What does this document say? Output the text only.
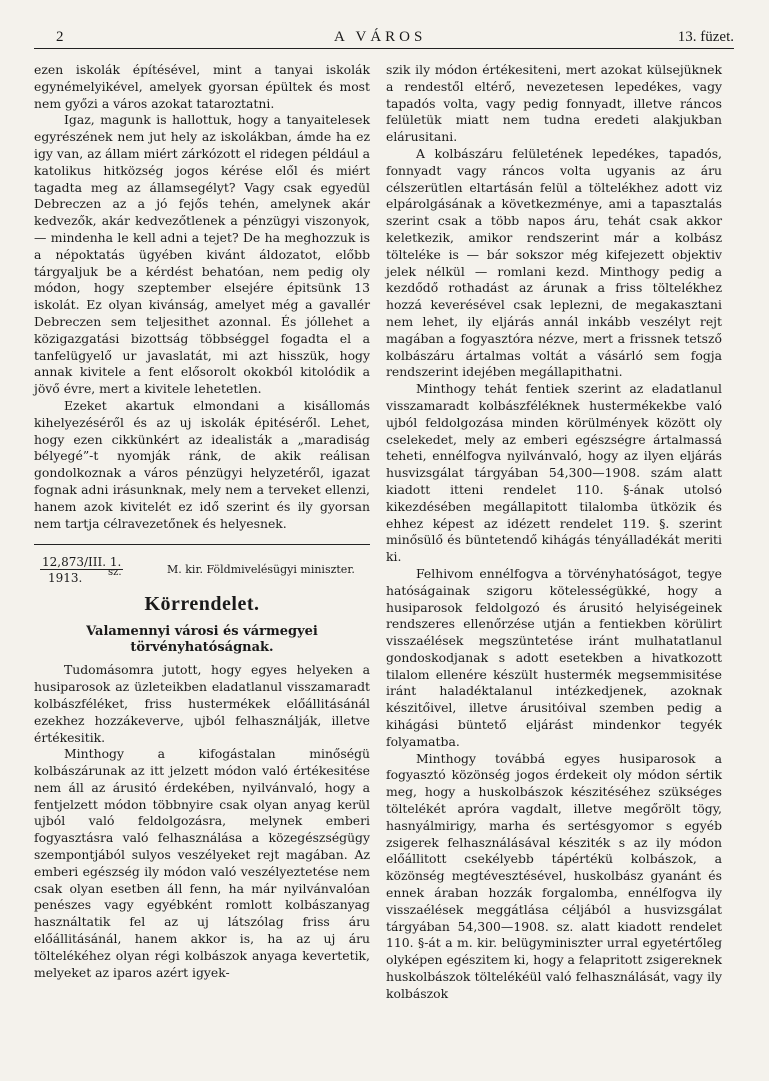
2	A VÁROS	13. füzet.

ezen iskolák építésével, mint a tanyai iskolák egynémelyikével, amelyek gyorsan épültek és most nem győzi a város azokat tataroztatni.

Igaz, magunk is hallottuk, hogy a tanyaitelesek egyrészének nem jut hely az iskolákban, ámde ha ez igy van, az állam miért zárkózott el ridegen például a katolikus hitközség jogos kérése elől és miért tagadta meg az államsegélyt? Vagy csak egyedül Debreczen az a jó fejős tehén, amelynek akár kedvezők, akár kedvezőtlenek a pénzügyi viszonyok, — mindenha le kell adni a tejet? De ha meghozzuk is a népoktatás ügyében kivánt áldozatot, előbb tárgyaljuk be a kérdést behatóan, nem pedig oly módon, hogy szeptember elsejére épitsünk 13 iskolát. Ez olyan kivánság, amelyet még a gavallér Debreczen sem teljesithet azonnal. És jóllehet a közigazgatási bizottság többséggel fogadta el a tanfelügyelő ur javaslatát, mi azt hisszük, hogy annak kivitele a fent elősorolt okokból kitolódik a jövő évre, mert a kivitele lehetetlen.

Ezeket akartuk elmondani a kisállomás kihelyezéséről és az uj iskolák épitéséről. Lehet, hogy ezen cikkünkért az idealisták a „maradiság bélyegé”-t nyomják ránk, de akik reálisan gondolkoznak a város pénzügyi helyzetéről, igazat fognak adni irásunknak, mely nem a terveket ellenzi, hanem azok kivitelét ez idő szerint és ily gyorsan nem tartja célravezetőnek és helyesnek.

12,873/III. 1.
1913.	sz.	M. kir. Földmivelésügyi miniszter.
Körrendelet.
Valamennyi városi és vármegyei törvényhatóságnak.

Tudomásomra jutott, hogy egyes helyeken a husiparosok az üzleteikben eladatlanul visszamaradt kolbászféléket, friss hustermékek előállitásánál ezekhez hozzákeverve, ujból felhasználják, illetve értékesitik.

Minthogy a kifogástalan minőségü kolbászárunak az itt jelzett módon való értékesitése nem áll az árusitó érdekében, nyilvánvaló, hogy a fentjelzett módon többnyire csak olyan anyag kerül ujból való feldolgozásra, melynek emberi fogyasztásra való felhasználása a közegészségügy szempontjából sulyos veszélyeket rejt magában. Az emberi egészség ily módon való veszélyeztetése nem csak olyan esetben áll fenn, ha már nyilvánvalóan penészes vagy egyébként romlott kolbászanyag használtatik fel az uj látszólag friss áru előállitásánál, hanem akkor is, ha az uj áru töltelékéhez olyan régi kolbászok anyaga kevertetik, melyeket az iparos azért igyek-

szik ily módon értékesiteni, mert azokat külsejüknek a rendestől eltérő, nevezetesen lepedékes, vagy tapadós volta, vagy pedig fonnyadt, illetve ráncos felületük miatt nem tudna eredeti alakjukban elárusitani.

A kolbászáru felületének lepedékes, tapadós, fonnyadt vagy ráncos volta ugyanis az áru célszerütlen eltartásán felül a töltelékhez adott viz elpárolgásának a következménye, ami a tapasztalás szerint csak a több napos áru, tehát csak akkor keletkezik, amikor rendszerint már a kolbász töltelékе is — bár sokszor még kifejezett objektiv jelek nélkül — romlani kezd. Minthogy pedig a kezdődő rothadást az árunak a friss töltelékhez hozzá keverésével csak leplezni, de megakasztani nem lehet, ily eljárás annál inkább veszélyt rejt magában a fogyasztóra nézve, mert a frissnek tetsző kolbászáru ártalmas voltát a vásárló sem fogja rendszerint idejében megállapithatni.

Minthogy tehát fentiek szerint az eladatlanul visszamaradt kolbászféléknek hustermékekbe való ujból feldolgozása minden körülmények között oly cselekedet, mely az emberi egészségre ártalmassá teheti, ennélfogva nyilvánvaló, hogy az ilyen eljárás husvizsgálat tárgyában 54,300—1908. szám alatt kiadott itteni rendelet 110. §-ának utolsó kikezdésében megállapitott tilalomba ütközik és ehhez képest az idézett rendelet 119. §. szerint minősülő és büntetendő kihágás tényálladékát meriti ki.

Felhivom ennélfogva a törvényhatóságot, tegye hatóságainak szigoru kötelességükké, hogy a husiparosok feldolgozó és árusitó helyiségeinek rendszeres ellenőrzése utján a fentiekben körülirt visszaélések megszüntetése iránt mulhatatlanul gondoskodjanak s adott esetekben a hivatkozott tilalom ellenére készült hustermék megsemmisitése iránt haladéktalanul intézkedjenek, azoknak készitőivel, illetve árusitóival szemben pedig a kihágási büntető eljárást mindenkor tegyék folyamatba.

Minthogy továbbá egyes husiparosok a fogyasztó közönség jogos érdekeit oly módon sértik meg, hogy a huskolbászok készitéséhez szükséges töltelékét apróra vagdalt, illetve megőrölt tögy, hasnyálmirigy, marha és sertésgyomor s egyéb zsigerek felhasználásával késziték s az ily módon előállitott csekélyebb tápértékü kolbászok, a közönség megtévesztésével, huskolbász gyanánt és ennek áraban hozzák forgalomba, ennélfogva ily visszaélések meggátlása céljából a husvizsgálat tárgyában 54,300—1908. sz. alatt kiadott rendelet 110. §-át a m. kir. belügyminiszter urral egyetértőleg olyképen egészitem ki, hogy a felapritott zsigereknek huskolbászok töltelékéül való felhasználását, vagy ily kolbászok
